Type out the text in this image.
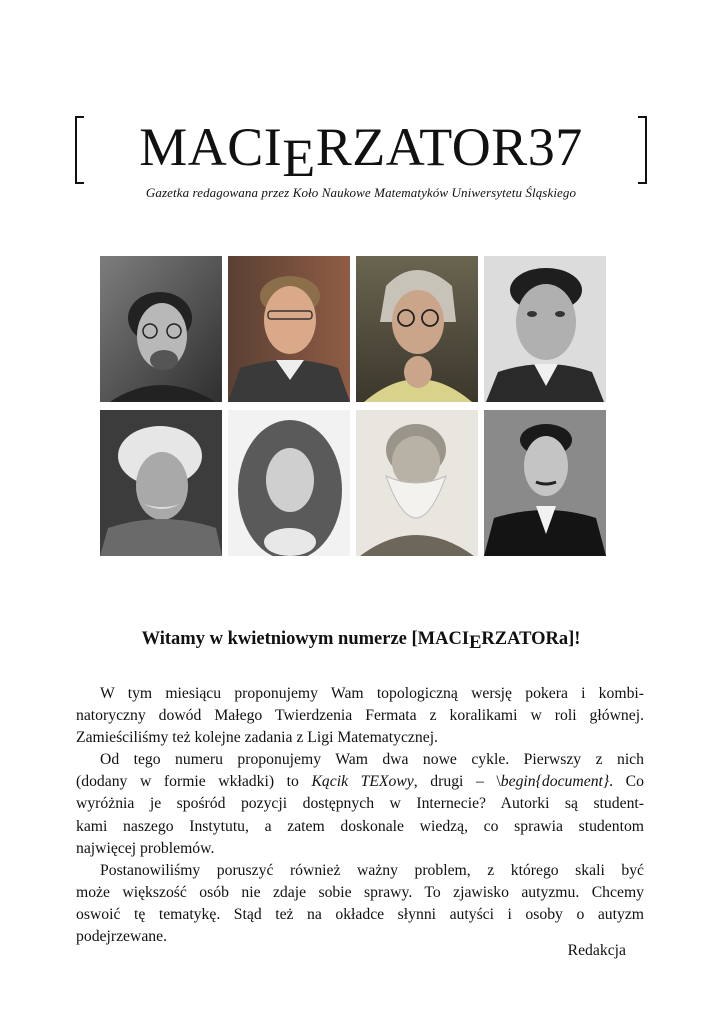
MACIERZATOR37
Gazetka redagowana przez Koło Naukowe Matematyków Uniwersytetu Śląskiego
Witamy w kwietniowym numerze [MACIERZATORa]!

W tym miesiącu proponujemy Wam topologiczną wersję pokera i kombi-
natoryczny dowód Małego Twierdzenia Fermata z koralikami w roli głównej.
Zamieściliśmy też kolejne zadania z Ligi Matematycznej.

Od tego numeru proponujemy Wam dwa nowe cykle. Pierwszy z nich
(dodany w formie wkładki) to Kącik TEXowy, drugi – \begin{document}. Co
wyróżnia je spośród pozycji dostępnych w Internecie? Autorki są student-
kami naszego Instytutu, a zatem doskonale wiedzą, co sprawia studentom
najwięcej problemów.

Postanowiliśmy poruszyć również ważny problem, z którego skali być
może większość osób nie zdaje sobie sprawy. To zjawisko autyzmu. Chcemy
oswoić tę tematykę. Stąd też na okładce słynni autyści i osoby o autyzm
podejrzewane.

Redakcja
